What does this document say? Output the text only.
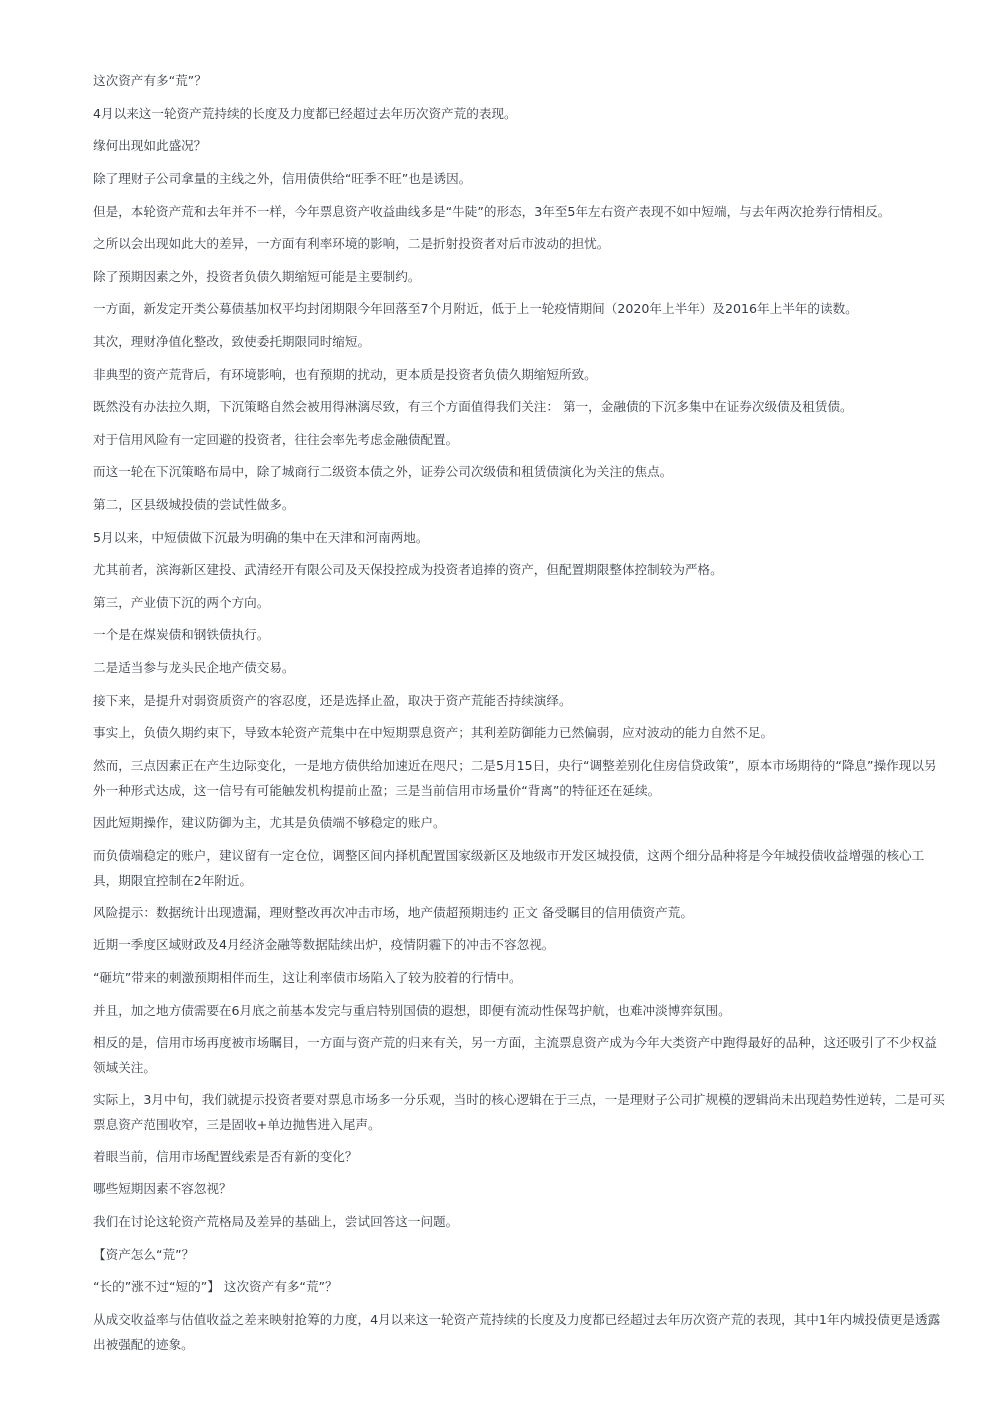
这次资产有多“荒”？

4月以来这一轮资产荒持续的长度及力度都已经超过去年历次资产荒的表现。

缘何出现如此盛况？

除了理财子公司拿量的主线之外，信用债供给“旺季不旺”也是诱因。

但是，本轮资产荒和去年并不一样，今年票息资产收益曲线多是“牛陡”的形态，3年至5年左右资产表现不如中短端，与去年两次抢券行情相反。

之所以会出现如此大的差异，一方面有利率环境的影响，二是折射投资者对后市波动的担忧。

除了预期因素之外，投资者负债久期缩短可能是主要制约。

一方面，新发定开类公募债基加权平均封闭期限今年回落至7个月附近，低于上一轮疫情期间（2020年上半年）及2016年上半年的读数。

其次，理财净值化整改，致使委托期限同时缩短。

非典型的资产荒背后，有环境影响，也有预期的扰动，更本质是投资者负债久期缩短所致。

既然没有办法拉久期，下沉策略自然会被用得淋漓尽致，有三个方面值得我们关注： 第一，金融债的下沉多集中在证券次级债及租赁债。

对于信用风险有一定回避的投资者，往往会率先考虑金融债配置。

而这一轮在下沉策略布局中，除了城商行二级资本债之外，证券公司次级债和租赁债演化为关注的焦点。

第二，区县级城投债的尝试性做多。

5月以来，中短债做下沉最为明确的集中在天津和河南两地。

尤其前者，滨海新区建投、武清经开有限公司及天保投控成为投资者追捧的资产，但配置期限整体控制较为严格。

第三，产业债下沉的两个方向。

一个是在煤炭债和钢铁债执行。

二是适当参与龙头民企地产债交易。

接下来，是提升对弱资质资产的容忍度，还是选择止盈，取决于资产荒能否持续演绎。

事实上，负债久期约束下，导致本轮资产荒集中在中短期票息资产；其利差防御能力已然偏弱，应对波动的能力自然不足。

然而，三点因素正在产生边际变化，一是地方债供给加速近在咫尺；二是5月15日，央行“调整差别化住房信贷政策”，原本市场期待的“降息”操作现以另外一种形式达成，这一信号有可能触发机构提前止盈；三是当前信用市场量价“背离”的特征还在延续。

因此短期操作，建议防御为主，尤其是负债端不够稳定的账户。

而负债端稳定的账户，建议留有一定仓位，调整区间内择机配置国家级新区及地级市开发区城投债，这两个细分品种将是今年城投债收益增强的核心工具，期限宜控制在2年附近。

风险提示：数据统计出现遗漏，理财整改再次冲击市场，地产债超预期违约 正文 备受瞩目的信用债资产荒。

近期一季度区域财政及4月经济金融等数据陆续出炉，疫情阴霾下的冲击不容忽视。

“砸坑”带来的刺激预期相伴而生，这让利率债市场陷入了较为胶着的行情中。

并且，加之地方债需要在6月底之前基本发完与重启特别国债的遐想，即便有流动性保驾护航，也难冲淡博弈氛围。

相反的是，信用市场再度被市场瞩目，一方面与资产荒的归来有关，另一方面，主流票息资产成为今年大类资产中跑得最好的品种，这还吸引了不少权益领域关注。

实际上，3月中旬，我们就提示投资者要对票息市场多一分乐观，当时的核心逻辑在于三点，一是理财子公司扩规模的逻辑尚未出现趋势性逆转，二是可买票息资产范围收窄，三是固收+单边抛售进入尾声。

着眼当前，信用市场配置线索是否有新的变化？

哪些短期因素不容忽视？

我们在讨论这轮资产荒格局及差异的基础上，尝试回答这一问题。

【资产怎么“荒”？

“长的”涨不过“短的”】 这次资产有多“荒”？

从成交收益率与估值收益之差来映射抢筹的力度，4月以来这一轮资产荒持续的长度及力度都已经超过去年历次资产荒的表现，其中1年内城投债更是透露出被强配的迹象。
